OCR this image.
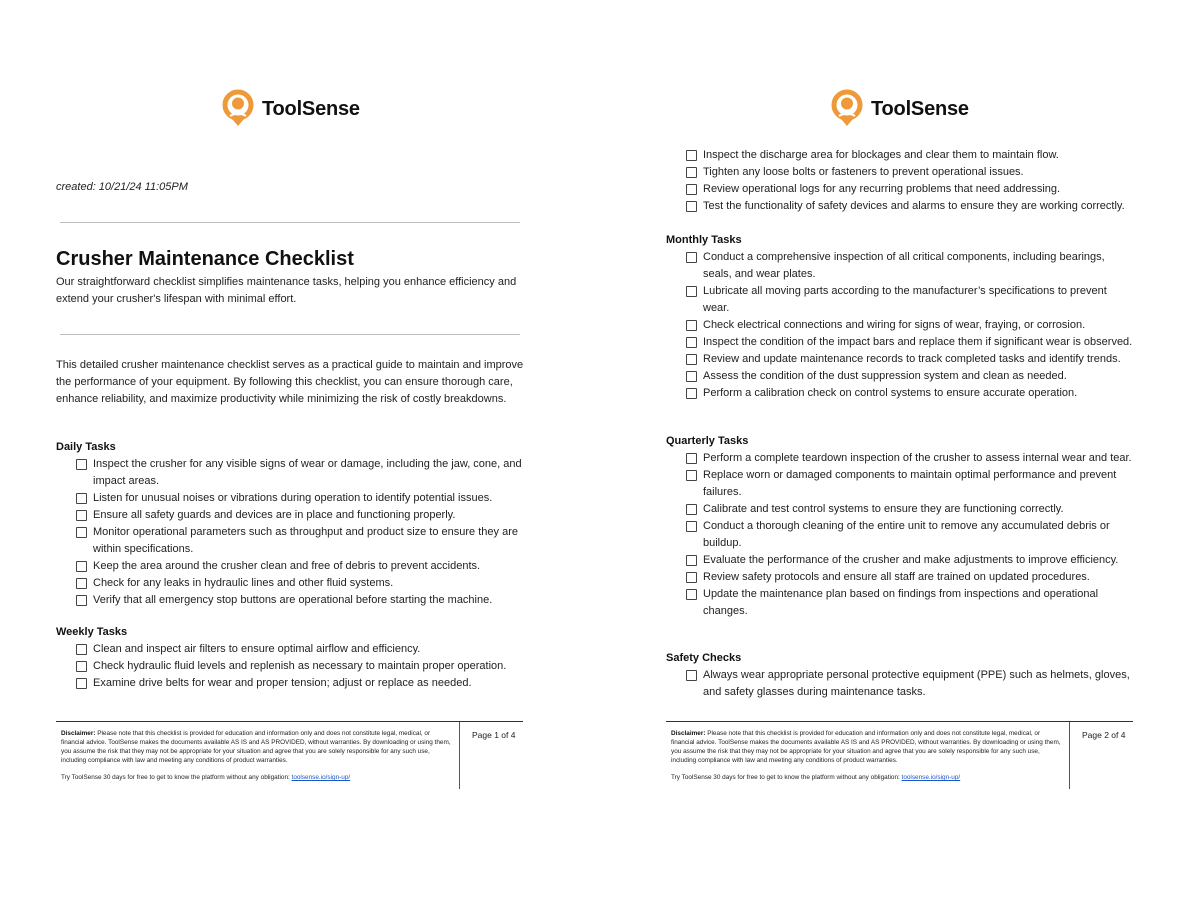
ToolSense
created: 10/21/24 11:05PM
Crusher Maintenance Checklist

Our straightforward checklist simplifies maintenance tasks, helping you enhance efficiency and extend your crusher's lifespan with minimal effort.

This detailed crusher maintenance checklist serves as a practical guide to maintain and improve the performance of your equipment. By following this checklist, you can ensure thorough care, enhance reliability, and maximize productivity while minimizing the risk of costly breakdowns.

Daily Tasks
Inspect the crusher for any visible signs of wear or damage, including the jaw, cone, and impact areas.
Listen for unusual noises or vibrations during operation to identify potential issues.
Ensure all safety guards and devices are in place and functioning properly.
Monitor operational parameters such as throughput and product size to ensure they are within specifications.
Keep the area around the crusher clean and free of debris to prevent accidents.
Check for any leaks in hydraulic lines and other fluid systems.
Verify that all emergency stop buttons are operational before starting the machine.
Weekly Tasks
Clean and inspect air filters to ensure optimal airflow and efficiency.
Check hydraulic fluid levels and replenish as necessary to maintain proper operation.
Examine drive belts for wear and proper tension; adjust or replace as needed.
Disclaimer: Please note that this checklist is provided for education and information only and does not constitute legal, medical, or financial advice. ToolSense makes the documents available AS IS and AS PROVIDED, without warranties. By downloading or using them, you assume the risk that they may not be appropriate for your situation and agree that you are solely responsible for any such use, including compliance with law and meeting any conditions of product warranties.
Try ToolSense 30 days for free to get to know the platform without any obligation: toolsense.io/sign-up/
Page 1 of 4
ToolSense
Inspect the discharge area for blockages and clear them to maintain flow.
Tighten any loose bolts or fasteners to prevent operational issues.
Review operational logs for any recurring problems that need addressing.
Test the functionality of safety devices and alarms to ensure they are working correctly.
Monthly Tasks
Conduct a comprehensive inspection of all critical components, including bearings, seals, and wear plates.
Lubricate all moving parts according to the manufacturer’s specifications to prevent wear.
Check electrical connections and wiring for signs of wear, fraying, or corrosion.
Inspect the condition of the impact bars and replace them if significant wear is observed.
Review and update maintenance records to track completed tasks and identify trends.
Assess the condition of the dust suppression system and clean as needed.
Perform a calibration check on control systems to ensure accurate operation.
Quarterly Tasks
Perform a complete teardown inspection of the crusher to assess internal wear and tear.
Replace worn or damaged components to maintain optimal performance and prevent failures.
Calibrate and test control systems to ensure they are functioning correctly.
Conduct a thorough cleaning of the entire unit to remove any accumulated debris or buildup.
Evaluate the performance of the crusher and make adjustments to improve efficiency.
Review safety protocols and ensure all staff are trained on updated procedures.
Update the maintenance plan based on findings from inspections and operational changes.
Safety Checks
Always wear appropriate personal protective equipment (PPE) such as helmets, gloves, and safety glasses during maintenance tasks.
Disclaimer: Please note that this checklist is provided for education and information only and does not constitute legal, medical, or financial advice. ToolSense makes the documents available AS IS and AS PROVIDED, without warranties. By downloading or using them, you assume the risk that they may not be appropriate for your situation and agree that you are solely responsible for any such use, including compliance with law and meeting any conditions of product warranties.
Try ToolSense 30 days for free to get to know the platform without any obligation: toolsense.io/sign-up/
Page 2 of 4
